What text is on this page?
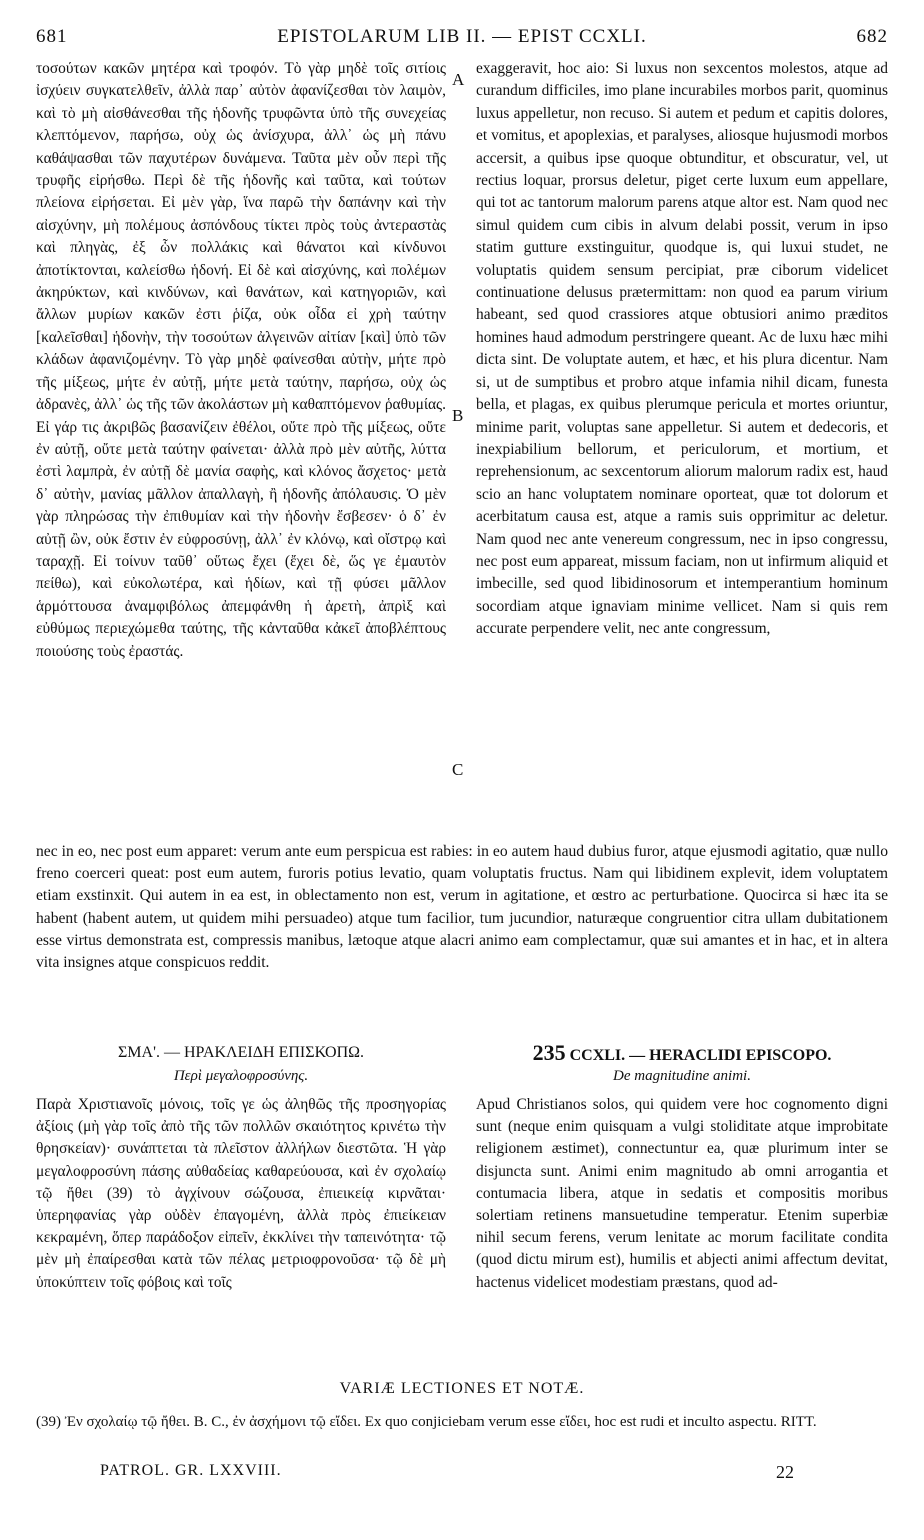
681	EPISTOLARUM LIB II. — EPIST CCXLI.	682
τοσούτων κακῶν μητέρα καὶ τροφόν. Τὸ γὰρ μηδὲ τοῖς σιτίοις ἰσχύειν συγκατελθεῖν, ἀλλὰ παρ᾽ αὐτὸν ἀφανίζεσθαι τὸν λαιμὸν, καὶ τὸ μὴ αἰσθάνεσθαι τῆς ἡδονῆς τρυφῶντα ὑπὸ τῆς συνεχείας κλεπτόμενον, παρήσω, οὐχ ὡς ἀνίσχυρα, ἀλλ᾽ ὡς μὴ πάνυ καθάψασθαι τῶν παχυτέρων δυνάμενα. Ταῦτα μὲν οὖν περὶ τῆς τρυφῆς εἰρήσθω. Περὶ δὲ τῆς ἡδονῆς καὶ ταῦτα, καὶ τούτων πλείονα εἰρήσεται. Εἰ μὲν γὰρ, ἵνα παρῶ τὴν δαπάνην καὶ τὴν αἰσχύνην, μὴ πολέμους ἀσπόνδους τίκτει πρὸς τοὺς ἀντεραστὰς καὶ πληγὰς, ἐξ ὧν πολλάκις καὶ θάνατοι καὶ κίνδυνοι ἀποτίκτονται, καλείσθω ἡδονή. Εἰ δὲ καὶ αἰσχύνης, καὶ πολέμων ἀκηρύκτων, καὶ κινδύνων, καὶ θανάτων, καὶ κατηγοριῶν, καὶ ἄλλων μυρίων κακῶν ἐστι ῥίζα, οὐκ οἶδα εἰ χρὴ ταύτην [καλεῖσθαι] ἡδονὴν, τὴν τοσούτων ἀλγεινῶν αἰτίαν [καὶ] ὑπὸ τῶν κλάδων ἀφανιζομένην. Τὸ γὰρ μηδὲ φαίνεσθαι αὐτὴν, μήτε πρὸ τῆς μίξεως, μήτε ἐν αὐτῇ, μήτε μετὰ ταύτην, παρήσω, οὐχ ὡς ἀδρανὲς, ἀλλ᾽ ὡς τῆς τῶν ἀκολάστων μὴ καθαπτόμενον ῥαθυμίας. Εἰ γάρ τις ἀκριβῶς βασανίζειν ἐθέλοι, οὔτε πρὸ τῆς μίξεως, οὔτε ἐν αὐτῇ, οὔτε μετὰ ταύτην φαίνεται· ἀλλὰ πρὸ μὲν αὐτῆς, λύττα ἐστὶ λαμπρὰ, ἐν αὐτῇ δὲ μανία σαφὴς, καὶ κλόνος ἄσχετος· μετὰ δ᾽ αὐτὴν, μανίας μᾶλλον ἀπαλλαγὴ, ἢ ἡδονῆς ἀπόλαυσις. Ὁ μὲν γὰρ πληρώσας τὴν ἐπιθυμίαν καὶ τὴν ἡδονὴν ἔσβεσεν· ὁ δ᾽ ἐν αὐτῇ ὢν, οὐκ ἔστιν ἐν εὐφροσύνῃ, ἀλλ᾽ ἐν κλόνῳ, καὶ οἴστρῳ καὶ ταραχῇ. Εἰ τοίνυν ταῦθ᾽ οὕτως ἔχει (ἔχει δὲ, ὥς γε ἐμαυτὸν πείθω), καὶ εὐκολωτέρα, καὶ ἡδίων, καὶ τῇ φύσει μᾶλλον ἁρμόττουσα ἀναμφιβόλως ἀπεμφάνθη ἡ ἀρετὴ, ἀπρὶξ καὶ εὐθύμως περιεχώμεθα ταύτης, τῆς κἀνταῦθα κἀκεῖ ἀποβλέπτους ποιούσης τοὺς ἐραστάς.
A
B
C
exaggeravit, hoc aio: Si luxus non sexcentos molestos, atque ad curandum difficiles, imo plane incurabiles morbos parit, quominus luxus appelletur, non recuso. Si autem et pedum et capitis dolores, et vomitus, et apoplexias, et paralyses, aliosque hujusmodi morbos accersit, a quibus ipse quoque obtunditur, et obscuratur, vel, ut rectius loquar, prorsus deletur, piget certe luxum eum appellare, qui tot ac tantorum malorum parens atque altor est. Nam quod nec simul quidem cum cibis in alvum delabi possit, verum in ipso statim gutture exstinguitur, quodque is, qui luxui studet, ne voluptatis quidem sensum percipiat, præ ciborum videlicet continuatione delusus prætermittam: non quod ea parum virium habeant, sed quod crassiores atque obtusiori animo præditos homines haud admodum perstringere queant. Ac de luxu hæc mihi dicta sint. De voluptate autem, et hæc, et his plura dicentur. Nam si, ut de sumptibus et probro atque infamia nihil dicam, funesta bella, et plagas, ex quibus plerumque pericula et mortes oriuntur, minime parit, voluptas sane appelletur. Si autem et dedecoris, et inexpiabilium bellorum, et periculorum, et mortium, et reprehensionum, ac sexcentorum aliorum malorum radix est, haud scio an hanc voluptatem nominare oporteat, quæ tot dolorum et acerbitatum causa est, atque a ramis suis opprimitur ac deletur. Nam quod nec ante venereum congressum, nec in ipso congressu, nec post eum appareat, missum faciam, non ut infirmum aliquid et imbecille, sed quod libidinosorum et intemperantium hominum socordiam atque ignaviam minime vellicet. Nam si quis rem accurate perpendere velit, nec ante congressum,
nec in eo, nec post eum apparet: verum ante eum perspicua est rabies: in eo autem haud dubius furor, atque ejusmodi agitatio, quæ nullo freno coerceri queat: post eum autem, furoris potius levatio, quam voluptatis fructus. Nam qui libidinem explevit, idem voluptatem etiam exstinxit. Qui autem in ea est, in oblectamento non est, verum in agitatione, et œstro ac perturbatione. Quocirca si hæc ita se habent (habent autem, ut quidem mihi persuadeo) atque tum facilior, tum jucundior, naturæque congruentior citra ullam dubitationem esse virtus demonstrata est, compressis manibus, lætoque atque alacri animo eam complectamur, quæ sui amantes et in hac, et in altera vita insignes atque conspicuos reddit.
ΣΜΑ'. — ΗΡΑΚΛΕΙΔΗ ΕΠΙΣΚΟΠΩ.
Περὶ μεγαλοφροσύνης.
235 CCXLI. — HERACLIDI EPISCOPO.
De magnitudine animi.
Παρὰ Χριστιανοῖς μόνοις, τοῖς γε ὡς ἀληθῶς τῆς προσηγορίας ἀξίοις (μὴ γὰρ τοῖς ἀπὸ τῆς τῶν πολλῶν σκαιότητος κρινέτω τὴν θρησκείαν)· συνάπτεται τὰ πλεῖστον ἀλλήλων διεστῶτα. Ἡ γὰρ μεγαλοφροσύνη πάσης αὐθαδείας καθαρεύουσα, καὶ ἐν σχολαίῳ τῷ ἤθει (39) τὸ ἀγχίνουν σώζουσα, ἐπιεικείᾳ κιρνᾶται· ὑπερηφανίας γὰρ οὐδὲν ἐπαγομένη, ἀλλὰ πρὸς ἐπιείκειαν κεκραμένη, ὅπερ παράδοξον εἰπεῖν, ἐκκλίνει τὴν ταπεινότητα· τῷ μὲν μὴ ἐπαίρεσθαι κατὰ τῶν πέλας μετριοφρονοῦσα· τῷ δὲ μὴ ὑποκύπτειν τοῖς φόβοις καὶ τοῖς
Apud Christianos solos, qui quidem vere hoc cognomento digni sunt (neque enim quisquam a vulgi stoliditate atque improbitate religionem æstimet), connectuntur ea, quæ plurimum inter se disjuncta sunt. Animi enim magnitudo ab omni arrogantia et contumacia libera, atque in sedatis et compositis moribus solertiam retinens mansuetudine temperatur. Etenim superbiæ nihil secum ferens, verum lenitate ac morum facilitate condita (quod dictu mirum est), humilis et abjecti animi affectum devitat, hactenus videlicet modestiam præstans, quod ad-
VARIÆ LECTIONES ET NOTÆ.
(39) Ἐν σχολαίῳ τῷ ἤθει. B. C., ἐν ἀσχήμονι τῷ εἴδει. Ex quo conjiciebam verum esse εἴδει, hoc est rudi et inculto aspectu. RITT.
PATROL. GR. LXXVIII.	22
